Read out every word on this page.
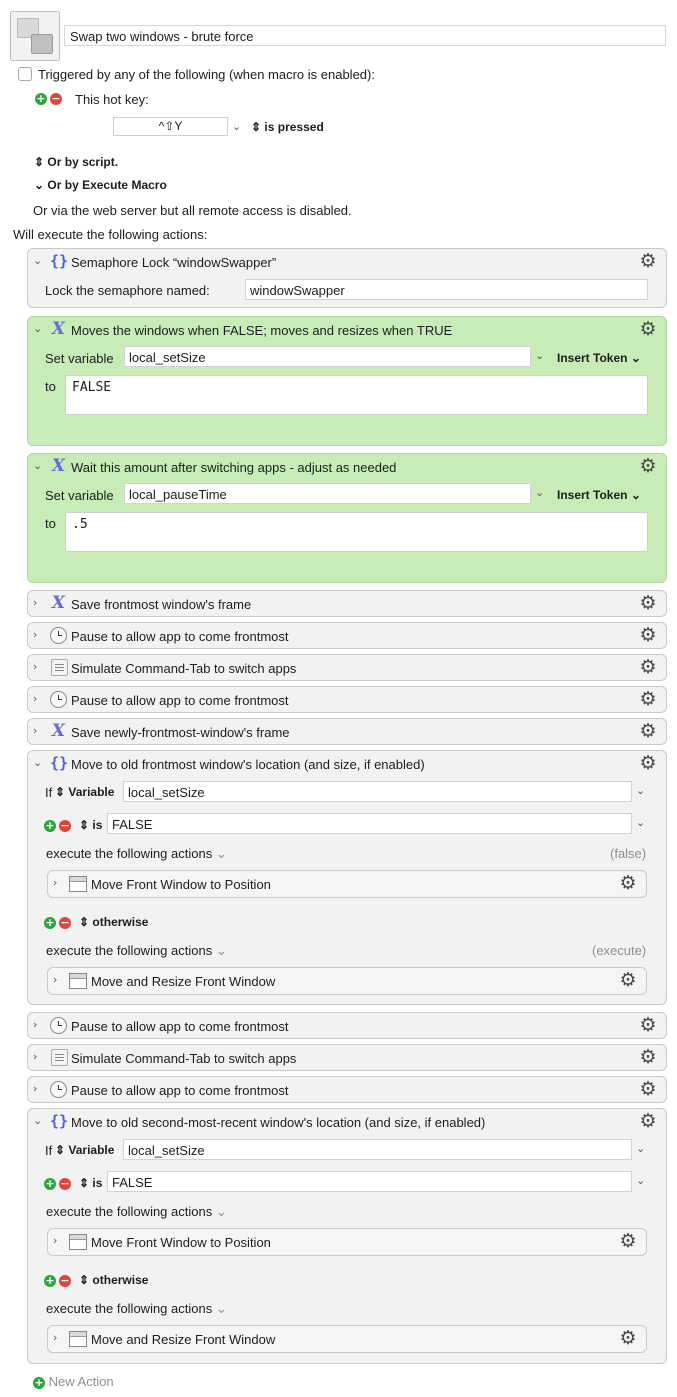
Swap two windows - brute force
Triggered by any of the following (when macro is enabled):
+ − This hot key:
^⇧Y	⌄ ⇕ is pressed
⇕ Or by script.
⌄ Or by Execute Macro
Or via the web server but all remote access is disabled.
Will execute the following actions:
⌄ {} Semaphore Lock “windowSwapper”	⚙
Lock the semaphore named:	windowSwapper
⌄ X Moves the windows when FALSE; moves and resizes when TRUE	⚙
Set variable	local_setSize	⌄ Insert Token ⌄
to	FALSE
⌄ X Wait this amount after switching apps - adjust as needed	⚙
Set variable	local_pauseTime	⌄ Insert Token ⌄
to	.5
› X Save frontmost window's frame	⚙
›	Pause to allow app to come frontmost	⚙
›	Simulate Command-Tab to switch apps	⚙
›	Pause to allow app to come frontmost	⚙
› X Save newly-frontmost-window's frame	⚙
⌄ {} Move to old frontmost window's location (and size, if enabled)	⚙
If ⇕ Variable	local_setSize	⌄
+ − ⇕ is FALSE	⌄
execute the following actions ⌄	(false)
›	Move Front Window to Position	⚙
+ − ⇕ otherwise
execute the following actions ⌄	(execute)
›	Move and Resize Front Window	⚙
›	Pause to allow app to come frontmost	⚙
›	Simulate Command-Tab to switch apps	⚙
›	Pause to allow app to come frontmost	⚙
⌄ {} Move to old second-most-recent window's location (and size, if enabled)	⚙
If ⇕ Variable	local_setSize	⌄
+ − ⇕ is FALSE	⌄
execute the following actions ⌄
›	Move Front Window to Position	⚙
+ − ⇕ otherwise
execute the following actions ⌄
›	Move and Resize Front Window	⚙
+ New Action
